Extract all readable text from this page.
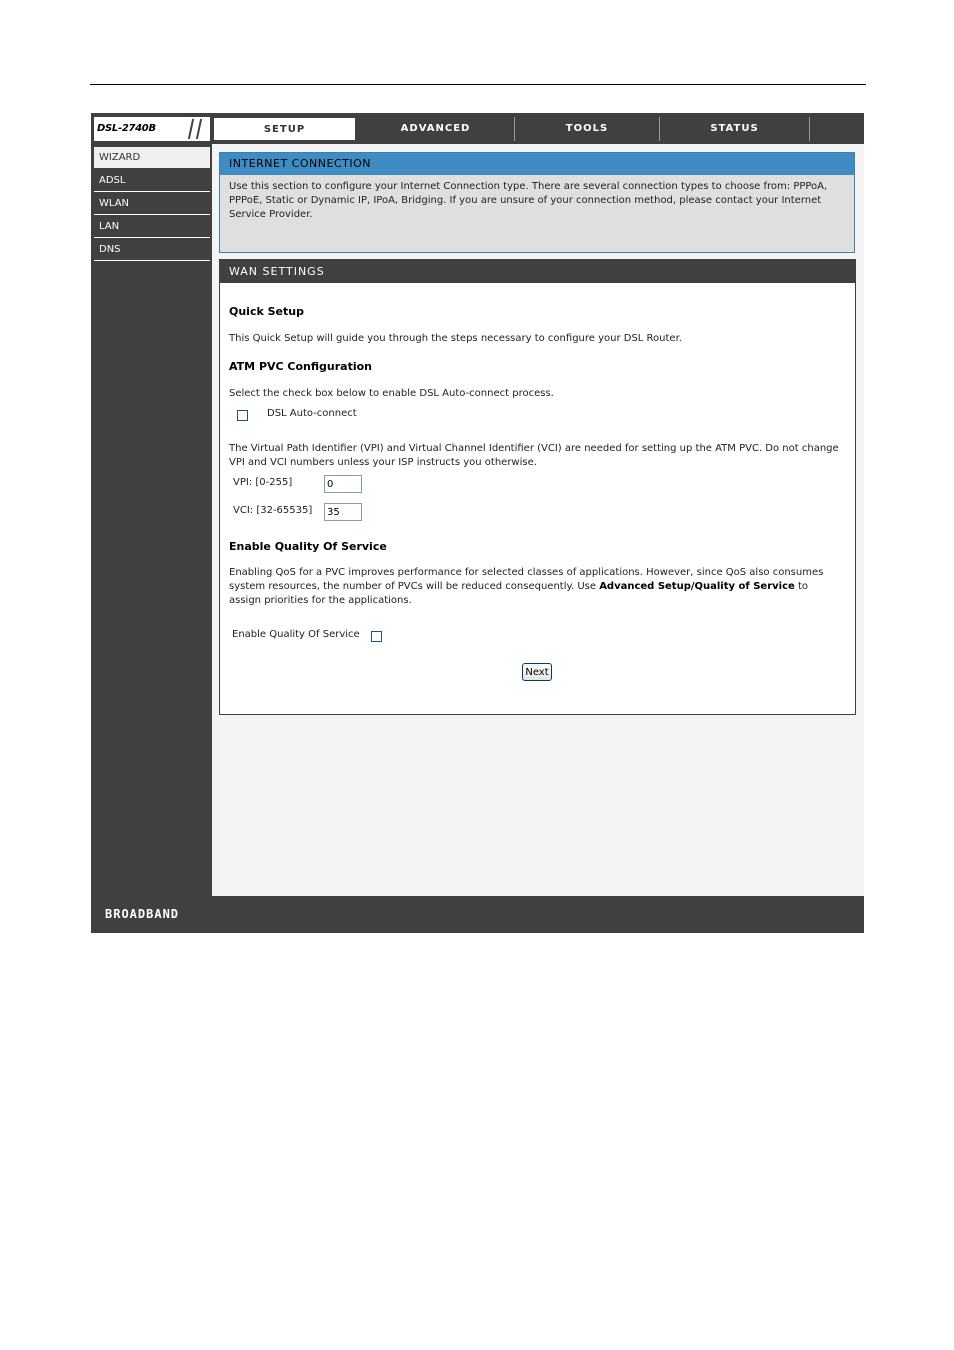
DSL-2740B	SETUP	ADVANCED	TOOLS	STATUS
WIZARD
ADSL
WLAN
LAN
DNS
INTERNET CONNECTION
Use this section to configure your Internet Connection type. There are several connection types to choose from: PPPoA, PPPoE, Static or Dynamic IP, IPoA, Bridging. If you are unsure of your connection method, please contact your Internet Service Provider.
WAN SETTINGS
Quick Setup
This Quick Setup will guide you through the steps necessary to configure your DSL Router.
ATM PVC Configuration
Select the check box below to enable DSL Auto-connect process.
DSL Auto-connect
The Virtual Path Identifier (VPI) and Virtual Channel Identifier (VCI) are needed for setting up the ATM PVC. Do not change VPI and VCI numbers unless your ISP instructs you otherwise.
VPI: [0-255]
0
VCI: [32-65535]
35
Enable Quality Of Service
Enabling QoS for a PVC improves performance for selected classes of applications. However, since QoS also consumes system resources, the number of PVCs will be reduced consequently. Use Advanced Setup/Quality of Service to assign priorities for the applications.
Enable Quality Of Service
Next
BROADBAND
